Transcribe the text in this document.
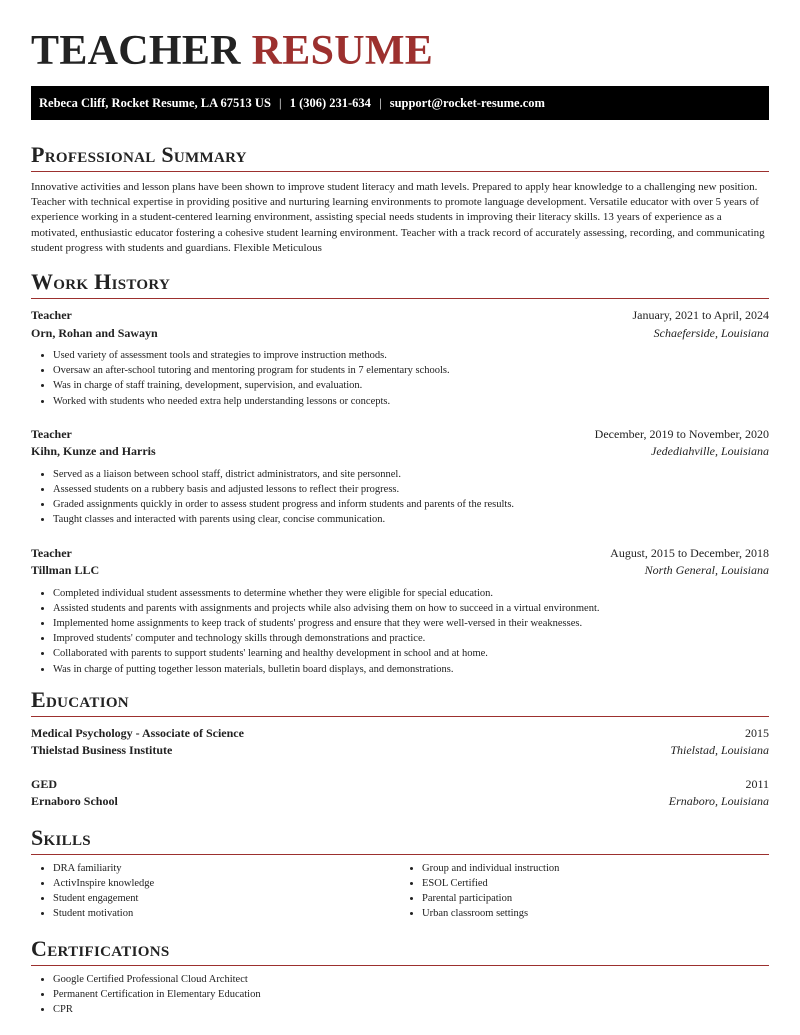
TEACHER RESUME
Rebeca Cliff, Rocket Resume, LA 67513 US | 1 (306) 231-634 | support@rocket-resume.com
Professional Summary

Innovative activities and lesson plans have been shown to improve student literacy and math levels. Prepared to apply hear knowledge to a challenging new position. Teacher with technical expertise in providing positive and nurturing learning environments to promote language development. Versatile educator with over 5 years of experience working in a student-centered learning environment, assisting special needs students in improving their literacy skills. 13 years of experience as a motivated, enthusiastic educator fostering a cohesive student learning environment. Teacher with a track record of accurately assessing, recording, and communicating student progress with students and guardians. Flexible Meticulous

Work History
Teacher	January, 2021 to April, 2024
Orn, Rohan and Sawayn	Schaeferside, Louisiana
• Used variety of assessment tools and strategies to improve instruction methods.
• Oversaw an after-school tutoring and mentoring program for students in 7 elementary schools.
• Was in charge of staff training, development, supervision, and evaluation.
• Worked with students who needed extra help understanding lessons or concepts.
Teacher	December, 2019 to November, 2020
Kihn, Kunze and Harris	Jedediahville, Louisiana
• Served as a liaison between school staff, district administrators, and site personnel.
• Assessed students on a rubbery basis and adjusted lessons to reflect their progress.
• Graded assignments quickly in order to assess student progress and inform students and parents of the results.
• Taught classes and interacted with parents using clear, concise communication.
Teacher	August, 2015 to December, 2018
Tillman LLC	North General, Louisiana
• Completed individual student assessments to determine whether they were eligible for special education.
• Assisted students and parents with assignments and projects while also advising them on how to succeed in a virtual environment.
• Implemented home assignments to keep track of students' progress and ensure that they were well-versed in their weaknesses.
• Improved students' computer and technology skills through demonstrations and practice.
• Collaborated with parents to support students' learning and healthy development in school and at home.
• Was in charge of putting together lesson materials, bulletin board displays, and demonstrations.
Education
Medical Psychology - Associate of Science	2015
Thielstad Business Institute	Thielstad, Louisiana
GED	2011
Ernaboro School	Ernaboro, Louisiana
Skills
• DRA familiarity
• ActivInspire knowledge
• Student engagement
• Student motivation
• Group and individual instruction
• ESOL Certified
• Parental participation
• Urban classroom settings
Certifications
• Google Certified Professional Cloud Architect
• Permanent Certification in Elementary Education
• CPR
